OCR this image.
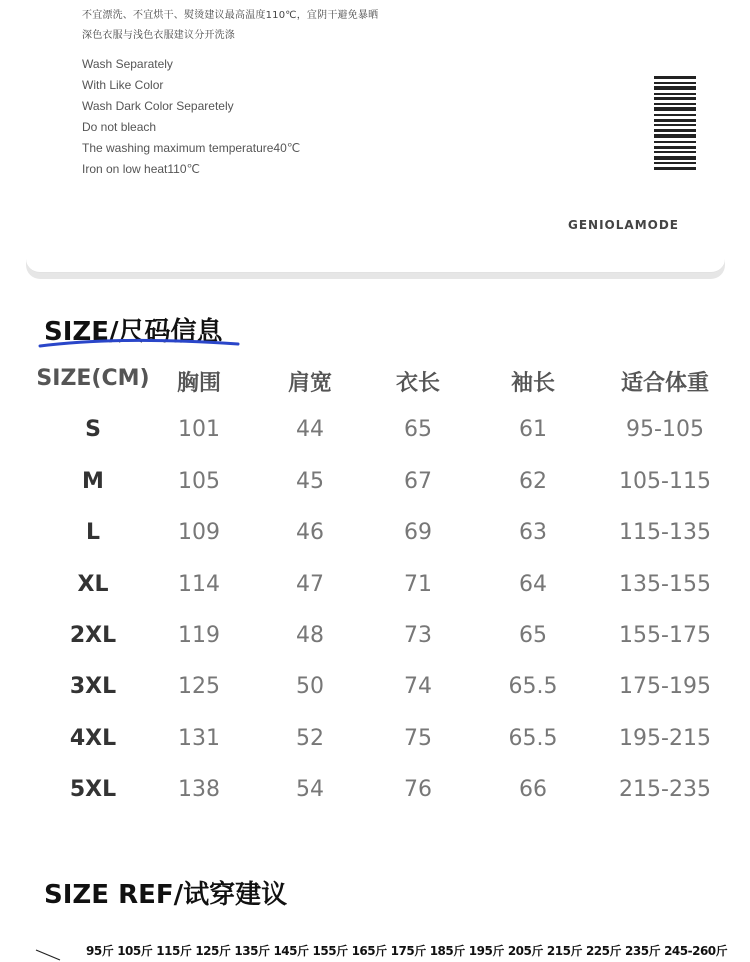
不宜漂洗、不宜烘干、熨烫建议最高温度110℃，宜阴干避免暴晒
深色衣服与浅色衣服建议分开洗涤
Wash Separately
With Like Color
Wash Dark Color Separetely
Do not bleach
The washing maximum temperature40℃
Iron on low heat110℃
GENIOLAMODE
SIZE/尺码信息
SIZE(CM) 胸围	肩宽	衣长	袖长	适合体重
S	101	44	65	61	95-105
M	105	45	67	62	105-115
L	109	46	69	63	115-135
XL	114	47	71	64	135-155
2XL	119	48	73	65	155-175
3XL	125	50	74	65.5	175-195
4XL	131	52	75	65.5	195-215
5XL	138	54	76	66	215-235
SIZE REF/试穿建议
95斤 105斤 115斤 125斤 135斤 145斤 155斤 165斤 175斤 185斤 195斤 205斤 215斤 225斤 235斤 245-260斤
